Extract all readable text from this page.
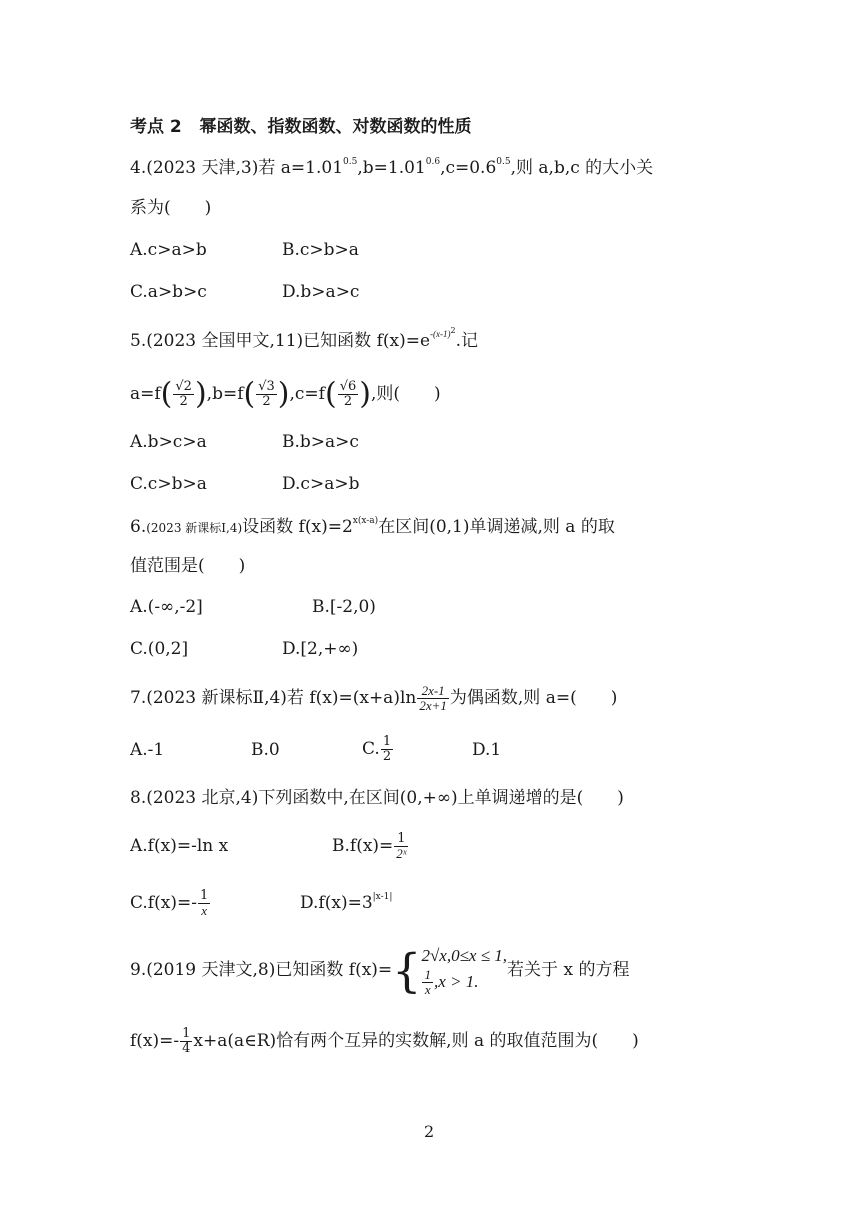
考点 2 幂函数、指数函数、对数函数的性质
4.(2023 天津,3)若 $a=1.01^{0.5},b=1.01^{0.6},c=0.6^{0.5}$,则 a,b,c 的大小关
系为(　　)
A.c>a>b	B.c>b>a
C.a>b>c	D.b>a>c
5.(2023 全国甲文,11)已知函数 $f(x)=e^{-(x-1)2}$.记
$a=f( \frac{√2}{2} ),b=f( \frac{√3}{2} ),c=f( \frac{√6}{2}$ ),则(　　)
A.b>c>a	B.b>a>c
C.c>b>a	D.c>a>b
6.(2023 新课标Ⅰ,4)设函数 $f(x)=2^{x(x-a)}$在区间(0,1)单调递减,则 a 的取
值范围是(　　)
A.(-∞,-2]	B.[-2,0)
C.(0,2]	D.[2,+∞)
7.(2023 新课标Ⅱ,4)若 $f(x)=(x+a)\ln \frac{2x-1}{2x+1}$ 为偶函数,则 a=(　　)
A.-1	B.0	C. $\frac{1}{2}$	D.1
8.(2023 北京,4)下列函数中,在区间(0,+∞)上单调递增的是(　　)
A.f(x)=-ln x	$B.f(x)= \frac{1}{\text{2ˣ}}$
$C.f(x)=- \frac{1}{x}$	$D.f(x)=3^{|x-1|}$
9.(2019 天津文,8)已知函数 f(x)={ 2√x,0≤x ≤ 1,
$\frac{1}{x} ,x > 1$.
若关于 x 的方程
$f(x)=- \frac{1}{4}$ x+a(a∈R)恰有两个互异的实数解,则 a 的取值范围为(　　)
2
